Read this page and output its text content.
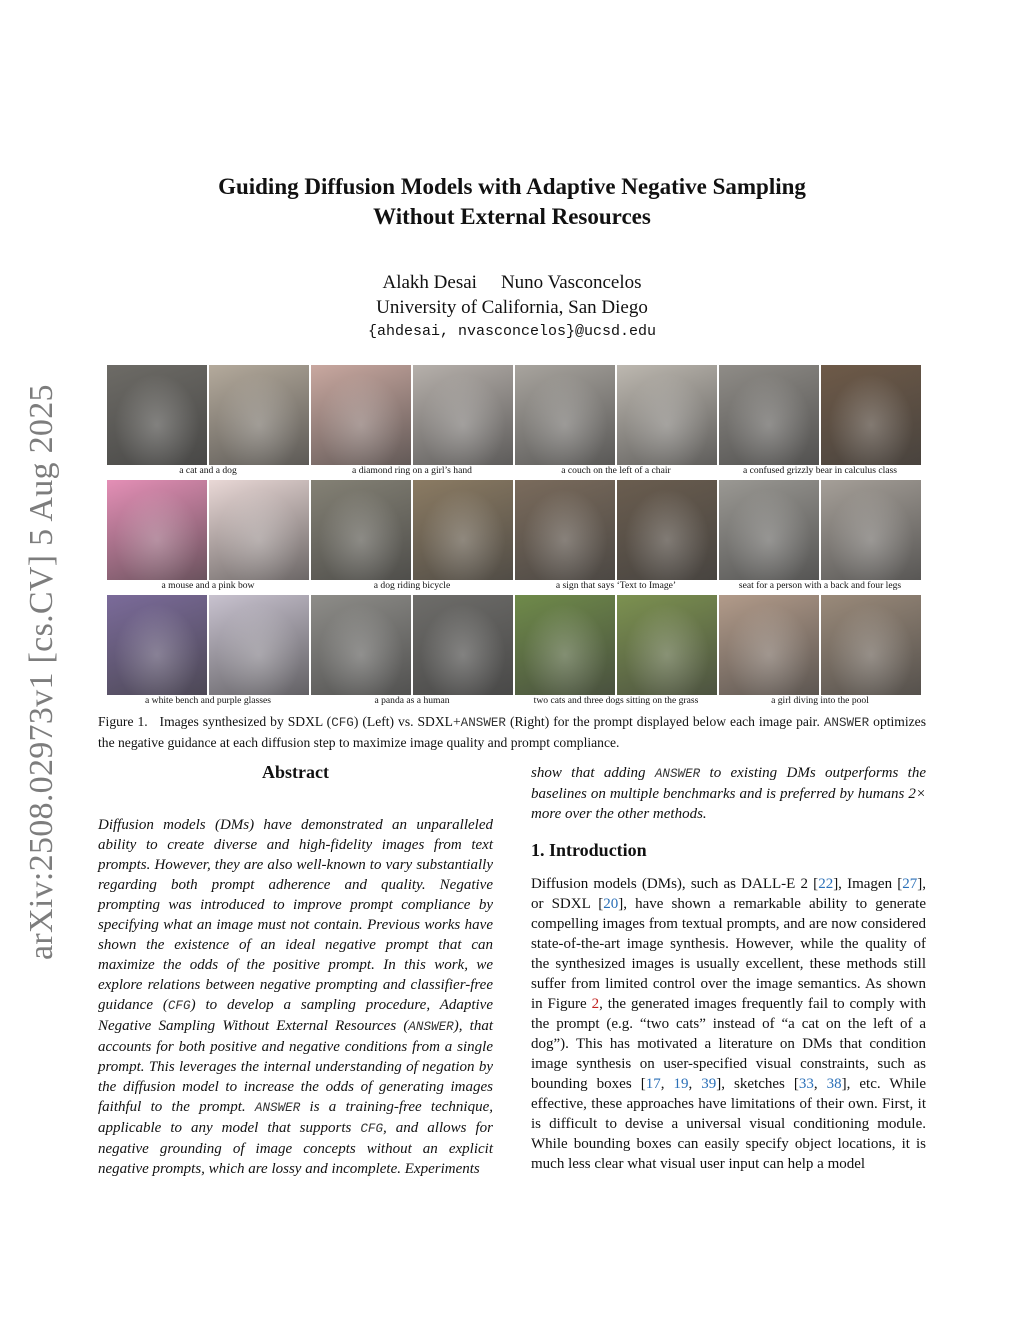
arXiv:2508.02973v1 [cs.CV] 5 Aug 2025
Guiding Diffusion Models with Adaptive Negative Sampling
Without External Resources
Alakh Desai Nuno Vasconcelos
University of California, San Diego
{ahdesai, nvasconcelos}@ucsd.edu
a cat and a dog	a diamond ring on a girl’s hand	a couch on the left of a chair	a confused grizzly bear in calculus class
a mouse and a pink bow	a dog riding bicycle	a sign that says ‘Text to Image’	seat for a person with a back and four legs
a white bench and purple glasses	a panda as a human	two cats and three dogs sitting on the grass	a girl diving into the pool
Figure 1. Images synthesized by SDXL (CFG) (Left) vs. SDXL+ANSWER (Right) for the prompt displayed below each image pair. ANSWER optimizes the negative guidance at each diffusion step to maximize image quality and prompt compliance.
Abstract
Diffusion models (DMs) have demonstrated an unparalleled ability to create diverse and high-fidelity images from text prompts. However, they are also well-known to vary substantially regarding both prompt adherence and quality. Negative prompting was introduced to improve prompt compliance by specifying what an image must not contain. Previous works have shown the existence of an ideal negative prompt that can maximize the odds of the positive prompt. In this work, we explore relations between negative prompting and classifier-free guidance (CFG) to develop a sampling procedure, Adaptive Negative Sampling Without External Resources (ANSWER), that accounts for both positive and negative conditions from a single prompt. This leverages the internal understanding of negation by the diffusion model to increase the odds of generating images faithful to the prompt. ANSWER is a training-free technique, applicable to any model that supports CFG, and allows for negative grounding of image concepts without an explicit negative prompts, which are lossy and incomplete. Experiments
show that adding ANSWER to existing DMs outperforms the baselines on multiple benchmarks and is preferred by humans 2× more over the other methods.
1. Introduction
Diffusion models (DMs), such as DALL-E 2 [22], Imagen [27], or SDXL [20], have shown a remarkable ability to generate compelling images from textual prompts, and are now considered state-of-the-art image synthesis. However, while the quality of the synthesized images is usually excellent, these methods still suffer from limited control over the image semantics. As shown in Figure 2, the generated images frequently fail to comply with the prompt (e.g. “two cats” instead of “a cat on the left of a dog”). This has motivated a literature on DMs that condition image synthesis on user-specified visual constraints, such as bounding boxes [17, 19, 39], sketches [33, 38], etc. While effective, these approaches have limitations of their own. First, it is difficult to devise a universal visual conditioning module. While bounding boxes can easily specify object locations, it is much less clear what visual user input can help a model
